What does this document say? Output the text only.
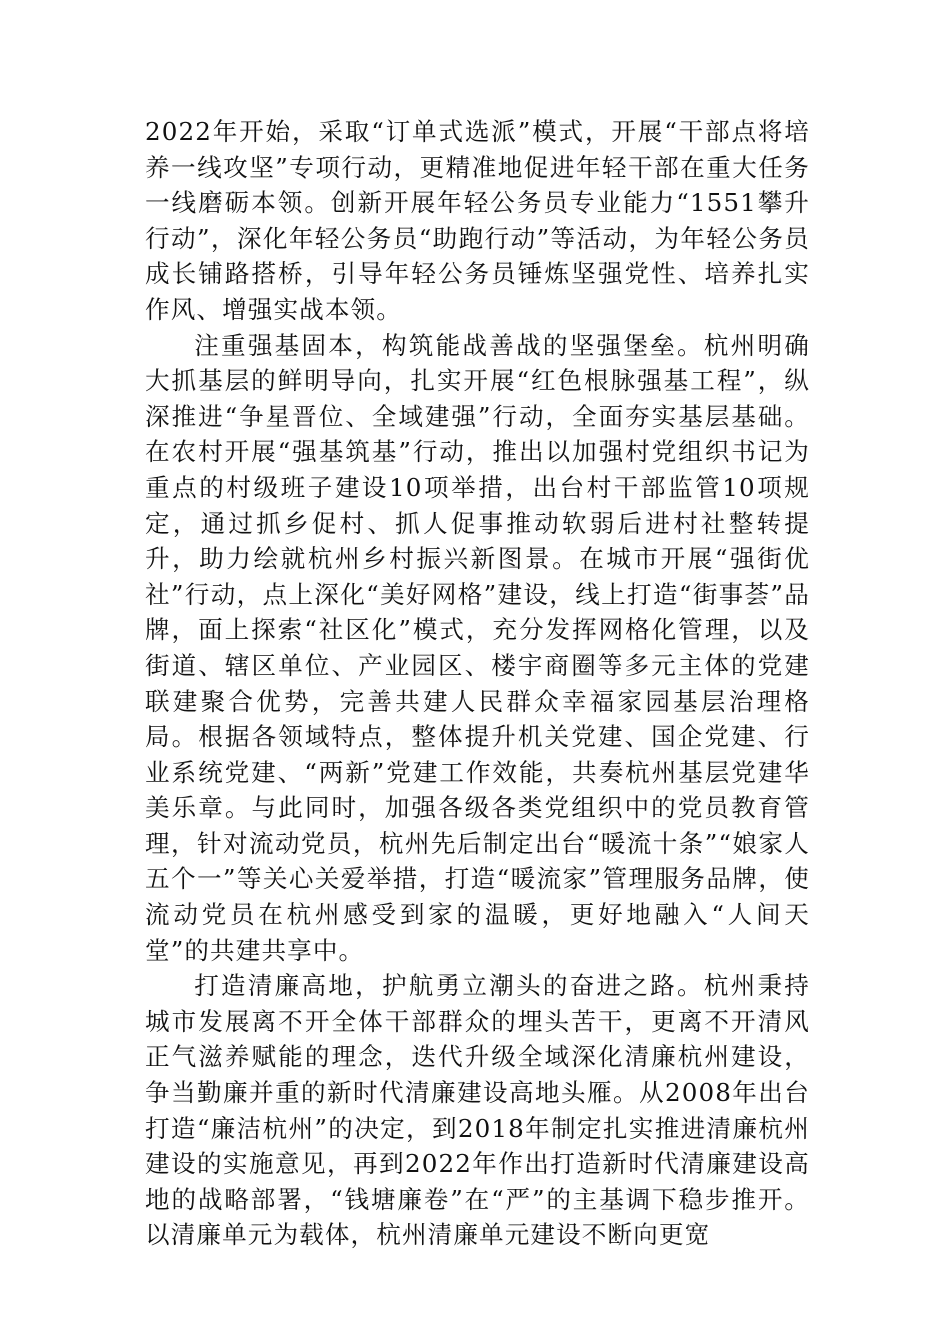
2022年开始，采取“订单式选派”模式，开展“干部点将培养一线攻坚”专项行动，更精准地促进年轻干部在重大任务一线磨砺本领。创新开展年轻公务员专业能力“1551攀升行动”，深化年轻公务员“助跑行动”等活动，为年轻公务员成长铺路搭桥，引导年轻公务员锤炼坚强党性、培养扎实作风、增强实战本领。

注重强基固本，构筑能战善战的坚强堡垒。杭州明确大抓基层的鲜明导向，扎实开展“红色根脉强基工程”，纵深推进“争星晋位、全域建强”行动，全面夯实基层基础。在农村开展“强基筑基”行动，推出以加强村党组织书记为重点的村级班子建设10项举措，出台村干部监管10项规定，通过抓乡促村、抓人促事推动软弱后进村社整转提升，助力绘就杭州乡村振兴新图景。在城市开展“强街优社”行动，点上深化“美好网格”建设，线上打造“街事荟”品牌，面上探索“社区化”模式，充分发挥网格化管理，以及街道、辖区单位、产业园区、楼宇商圈等多元主体的党建联建聚合优势，完善共建人民群众幸福家园基层治理格局。根据各领域特点，整体提升机关党建、国企党建、行业系统党建、“两新”党建工作效能，共奏杭州基层党建华美乐章。与此同时，加强各级各类党组织中的党员教育管理，针对流动党员，杭州先后制定出台“暖流十条”“娘家人五个一”等关心关爱举措，打造“暖流家”管理服务品牌，使流动党员在杭州感受到家的温暖，更好地融入“人间天堂”的共建共享中。

打造清廉高地，护航勇立潮头的奋进之路。杭州秉持城市发展离不开全体干部群众的埋头苦干，更离不开清风正气滋养赋能的理念，迭代升级全域深化清廉杭州建设，争当勤廉并重的新时代清廉建设高地头雁。从2008年出台打造“廉洁杭州”的决定，到2018年制定扎实推进清廉杭州建设的实施意见，再到2022年作出打造新时代清廉建设高地的战略部署，“钱塘廉卷”在“严”的主基调下稳步推开。以清廉单元为载体，杭州清廉单元建设不断向更宽
